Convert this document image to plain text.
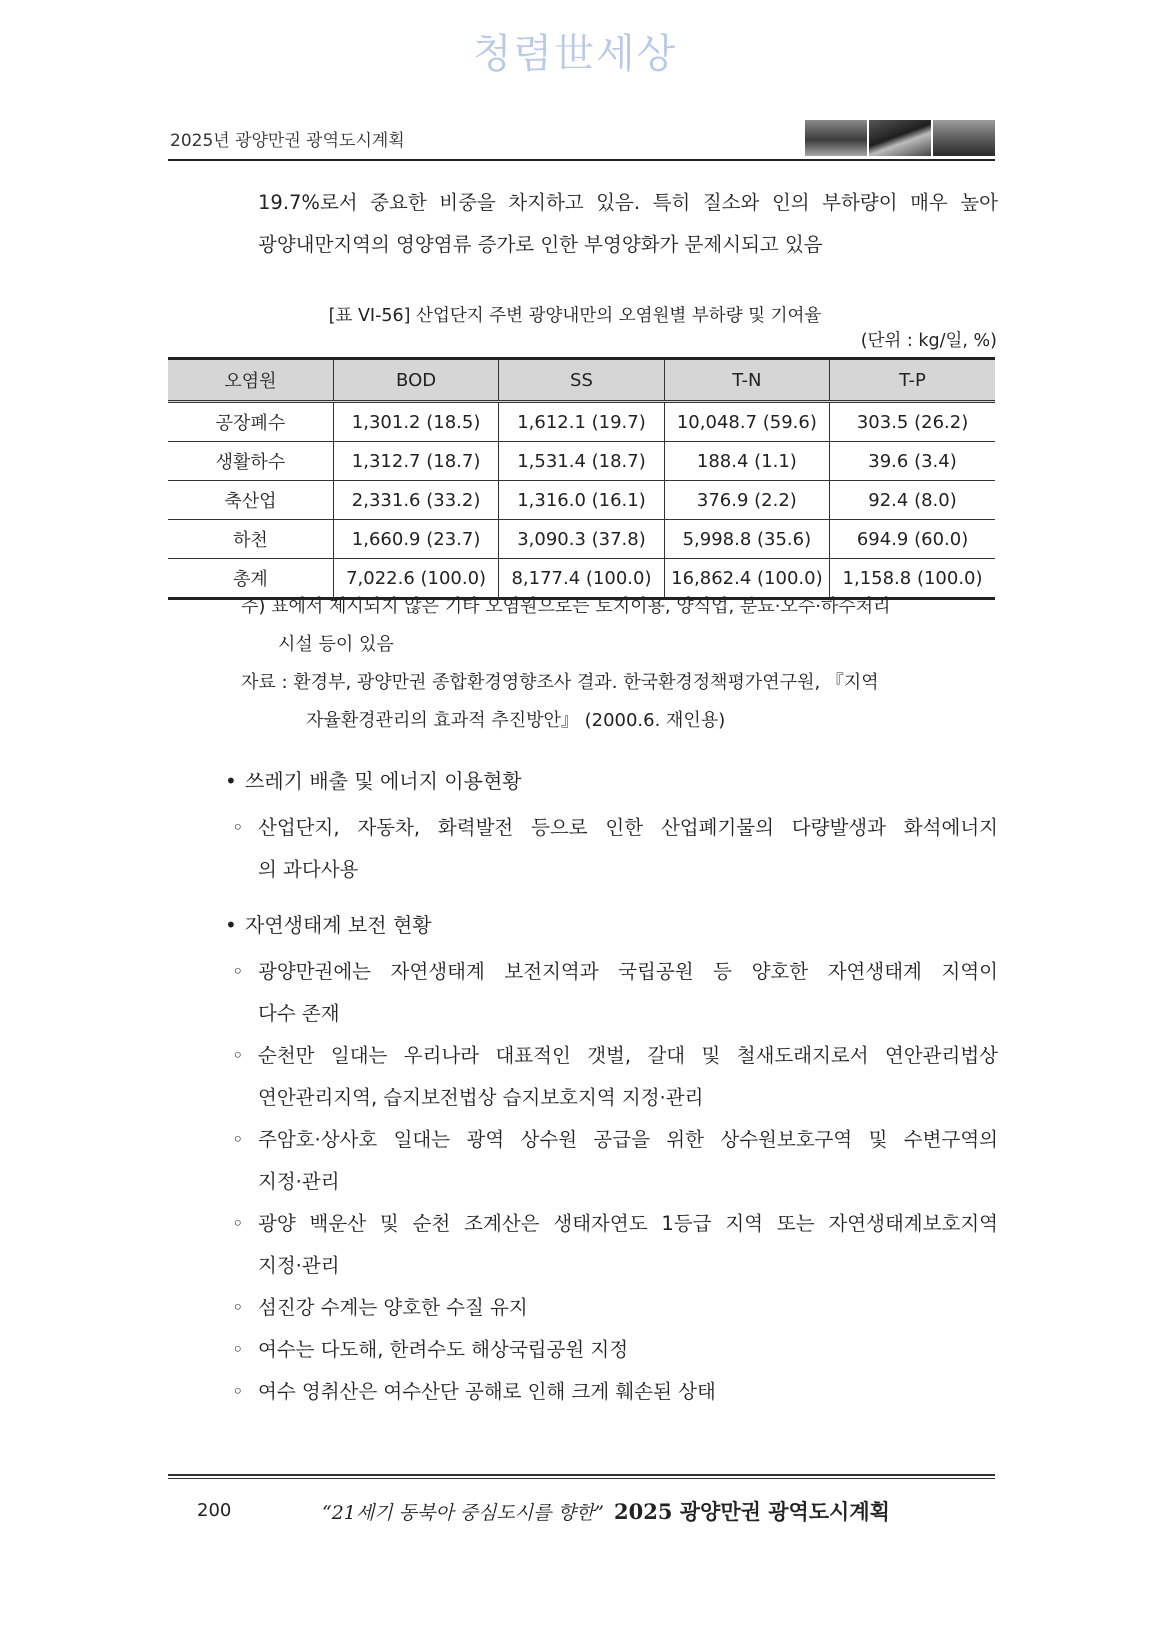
청렴世세상
2025년 광양만권 광역도시계획
19.7%로서 중요한 비중을 차지하고 있음. 특히 질소와 인의 부하량이 매우 높아
광양내만지역의 영양염류 증가로 인한 부영양화가 문제시되고 있음
[표 VI-56] 산업단지 주변 광양내만의 오염원별 부하량 및 기여율
(단위 : kg/일, %)
오염원	BOD	SS	T-N	T-P
공장폐수	1,301.2 (18.5)	1,612.1 (19.7)	10,048.7 (59.6)	303.5 (26.2)
생활하수	1,312.7 (18.7)	1,531.4 (18.7)	188.4 (1.1)	39.6 (3.4)
축산업	2,331.6 (33.2)	1,316.0 (16.1)	376.9 (2.2)	92.4 (8.0)
하천	1,660.9 (23.7)	3,090.3 (37.8)	5,998.8 (35.6)	694.9 (60.0)
총계	7,022.6 (100.0)	8,177.4 (100.0)	16,862.4 (100.0)	1,158.8 (100.0)
주) 표에서 제시되지 않은 기타 오염원으로는 토지이용, 양식업, 분뇨·오수·하수처리
시설 등이 있음
자료 : 환경부, 광양만권 종합환경영향조사 결과. 한국환경정책평가연구원, 『지역
자율환경관리의 효과적 추진방안』 (2000.6. 재인용)
• 쓰레기 배출 및 에너지 이용현황
◦ 산업단지, 자동차, 화력발전 등으로 인한 산업폐기물의 다량발생과 화석에너지
의 과다사용
• 자연생태계 보전 현황
◦ 광양만권에는 자연생태계 보전지역과 국립공원 등 양호한 자연생태계 지역이
다수 존재
◦ 순천만 일대는 우리나라 대표적인 갯벌, 갈대 및 철새도래지로서 연안관리법상
연안관리지역, 습지보전법상 습지보호지역 지정·관리
◦ 주암호·상사호 일대는 광역 상수원 공급을 위한 상수원보호구역 및 수변구역의
지정·관리
◦ 광양 백운산 및 순천 조계산은 생태자연도 1등급 지역 또는 자연생태계보호지역
지정·관리
◦ 섬진강 수계는 양호한 수질 유지
◦ 여수는 다도해, 한려수도 해상국립공원 지정
◦ 여수 영취산은 여수산단 공해로 인해 크게 훼손된 상태
200	“21세기 동북아 중심도시를 향한” 2025 광양만권 광역도시계획
